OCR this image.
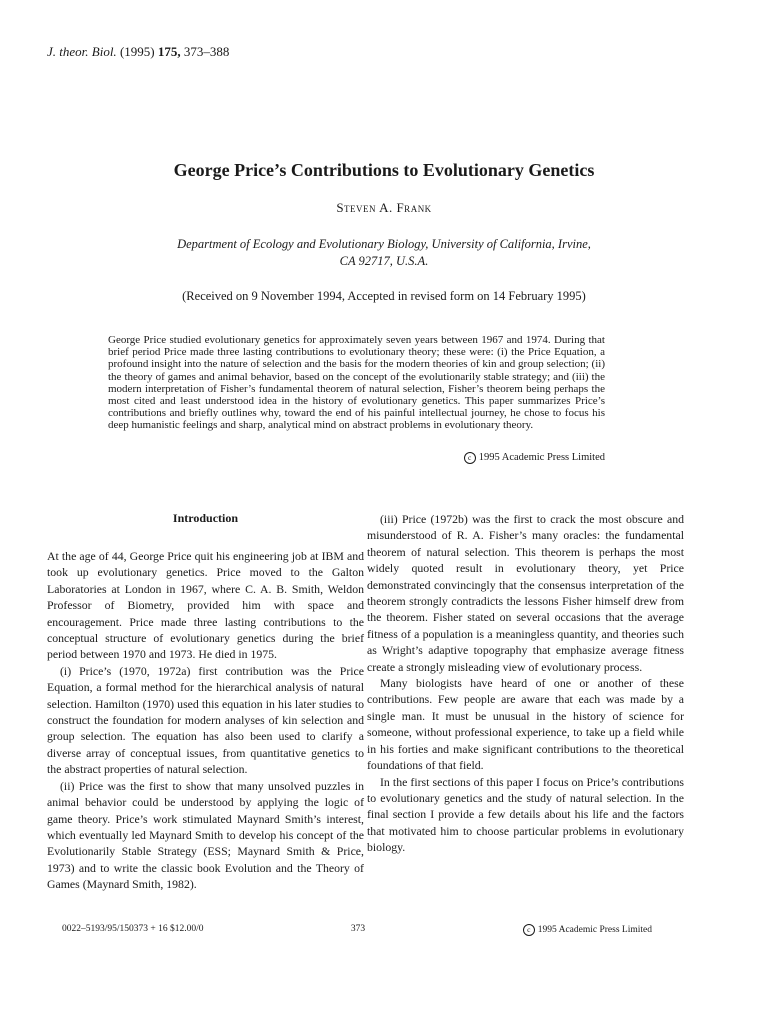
J. theor. Biol. (1995) 175, 373–388
George Price’s Contributions to Evolutionary Genetics
Steven A. Frank
Department of Ecology and Evolutionary Biology, University of California, Irvine,
CA 92717, U.S.A.
(Received on 9 November 1994, Accepted in revised form on 14 February 1995)
George Price studied evolutionary genetics for approximately seven years between 1967 and 1974. During that brief period Price made three lasting contributions to evolutionary theory; these were: (i) the Price Equation, a profound insight into the nature of selection and the basis for the modern theories of kin and group selection; (ii) the theory of games and animal behavior, based on the concept of the evolutionarily stable strategy; and (iii) the modern interpretation of Fisher’s fundamental theorem of natural selection, Fisher’s theorem being perhaps the most cited and least understood idea in the history of evolutionary genetics. This paper summarizes Price’s contributions and briefly outlines why, toward the end of his painful intellectual journey, he chose to focus his deep humanistic feelings and sharp, analytical mind on abstract problems in evolutionary theory.
c 1995 Academic Press Limited
Introduction

At the age of 44, George Price quit his engineering job at IBM and took up evolutionary genetics. Price moved to the Galton Laboratories at London in 1967, where C. A. B. Smith, Weldon Professor of Biometry, provided him with space and encouragement. Price made three lasting contributions to the conceptual structure of evolutionary genetics during the brief period between 1970 and 1973. He died in 1975.

(i) Price’s (1970, 1972a) first contribution was the Price Equation, a formal method for the hierarchical analysis of natural selection. Hamilton (1970) used this equation in his later studies to construct the foundation for modern analyses of kin selection and group selection. The equation has also been used to clarify a diverse array of conceptual issues, from quantitative genetics to the abstract properties of natural selection.

(ii) Price was the first to show that many unsolved puzzles in animal behavior could be understood by applying the logic of game theory. Price’s work stimulated Maynard Smith’s interest, which eventually led Maynard Smith to develop his concept of the Evolutionarily Stable Strategy (ESS; Maynard Smith & Price, 1973) and to write the classic book Evolution and the Theory of Games (Maynard Smith, 1982).

(iii) Price (1972b) was the first to crack the most obscure and misunderstood of R. A. Fisher’s many oracles: the fundamental theorem of natural selection. This theorem is perhaps the most widely quoted result in evolutionary theory, yet Price demonstrated convincingly that the consensus interpretation of the theorem strongly contradicts the lessons Fisher himself drew from the theorem. Fisher stated on several occasions that the average fitness of a population is a meaningless quantity, and theories such as Wright’s adaptive topography that emphasize average fitness create a strongly misleading view of evolutionary process.

Many biologists have heard of one or another of these contributions. Few people are aware that each was made by a single man. It must be unusual in the history of science for someone, without professional experience, to take up a field while in his forties and make significant contributions to the theoretical foundations of that field.

In the first sections of this paper I focus on Price’s contributions to evolutionary genetics and the study of natural selection. In the final section I provide a few details about his life and the factors that motivated him to choose particular problems in evolutionary biology.

0022–5193/95/150373 + 16 $12.00/0	373	c 1995 Academic Press Limited
